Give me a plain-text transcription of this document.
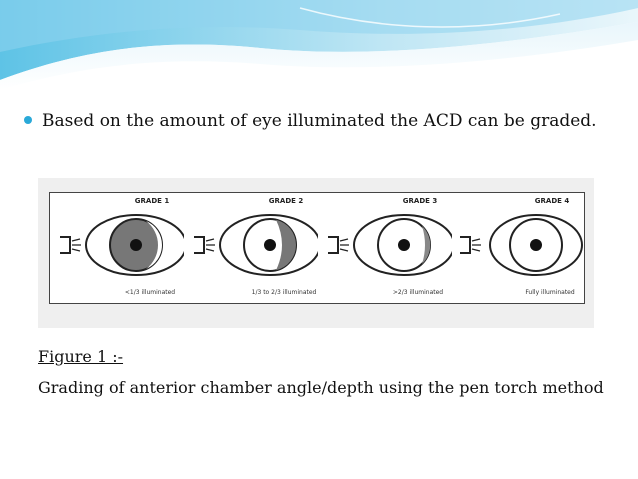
Based on the amount of eye illuminated the ACD can be graded.
GRADE 1
<1/3 illuminated
GRADE 2
1/3 to 2/3 illuminated
GRADE 3
>2/3 illuminated
GRADE 4
Fully illuminated
Figure 1 :-
Grading of anterior chamber angle/depth using the pen torch method
